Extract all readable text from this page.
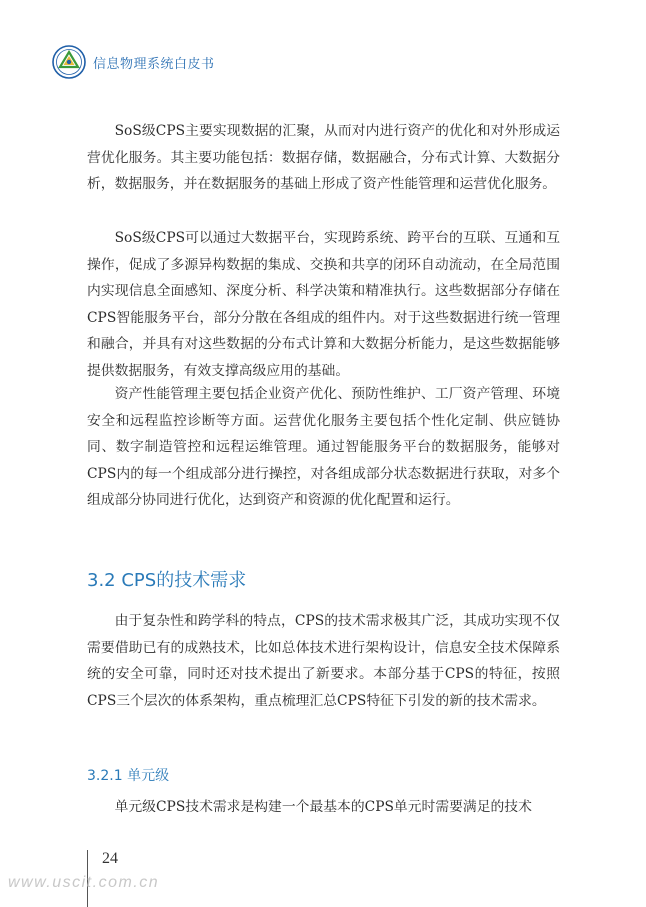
信息物理系统白皮书

SoS级CPS主要实现数据的汇聚，从而对内进行资产的优化和对外形成运营优化服务。其主要功能包括：数据存储，数据融合，分布式计算、大数据分析，数据服务，并在数据服务的基础上形成了资产性能管理和运营优化服务。

SoS级CPS可以通过大数据平台，实现跨系统、跨平台的互联、互通和互操作，促成了多源异构数据的集成、交换和共享的闭环自动流动，在全局范围内实现信息全面感知、深度分析、科学决策和精准执行。这些数据部分存储在CPS智能服务平台，部分分散在各组成的组件内。对于这些数据进行统一管理和融合，并具有对这些数据的分布式计算和大数据分析能力，是这些数据能够提供数据服务，有效支撑高级应用的基础。

资产性能管理主要包括企业资产优化、预防性维护、工厂资产管理、环境安全和远程监控诊断等方面。运营优化服务主要包括个性化定制、供应链协同、数字制造管控和远程运维管理。通过智能服务平台的数据服务，能够对CPS内的每一个组成部分进行操控，对各组成部分状态数据进行获取，对多个组成部分协同进行优化，达到资产和资源的优化配置和运行。

3.2 CPS的技术需求

由于复杂性和跨学科的特点，CPS的技术需求极其广泛，其成功实现不仅需要借助已有的成熟技术，比如总体技术进行架构设计，信息安全技术保障系统的安全可靠，同时还对技术提出了新要求。本部分基于CPS的特征，按照CPS三个层次的体系架构，重点梳理汇总CPS特征下引发的新的技术需求。

3.2.1 单元级

单元级CPS技术需求是构建一个最基本的CPS单元时需要满足的技术

24
www.uscit.com.cn
